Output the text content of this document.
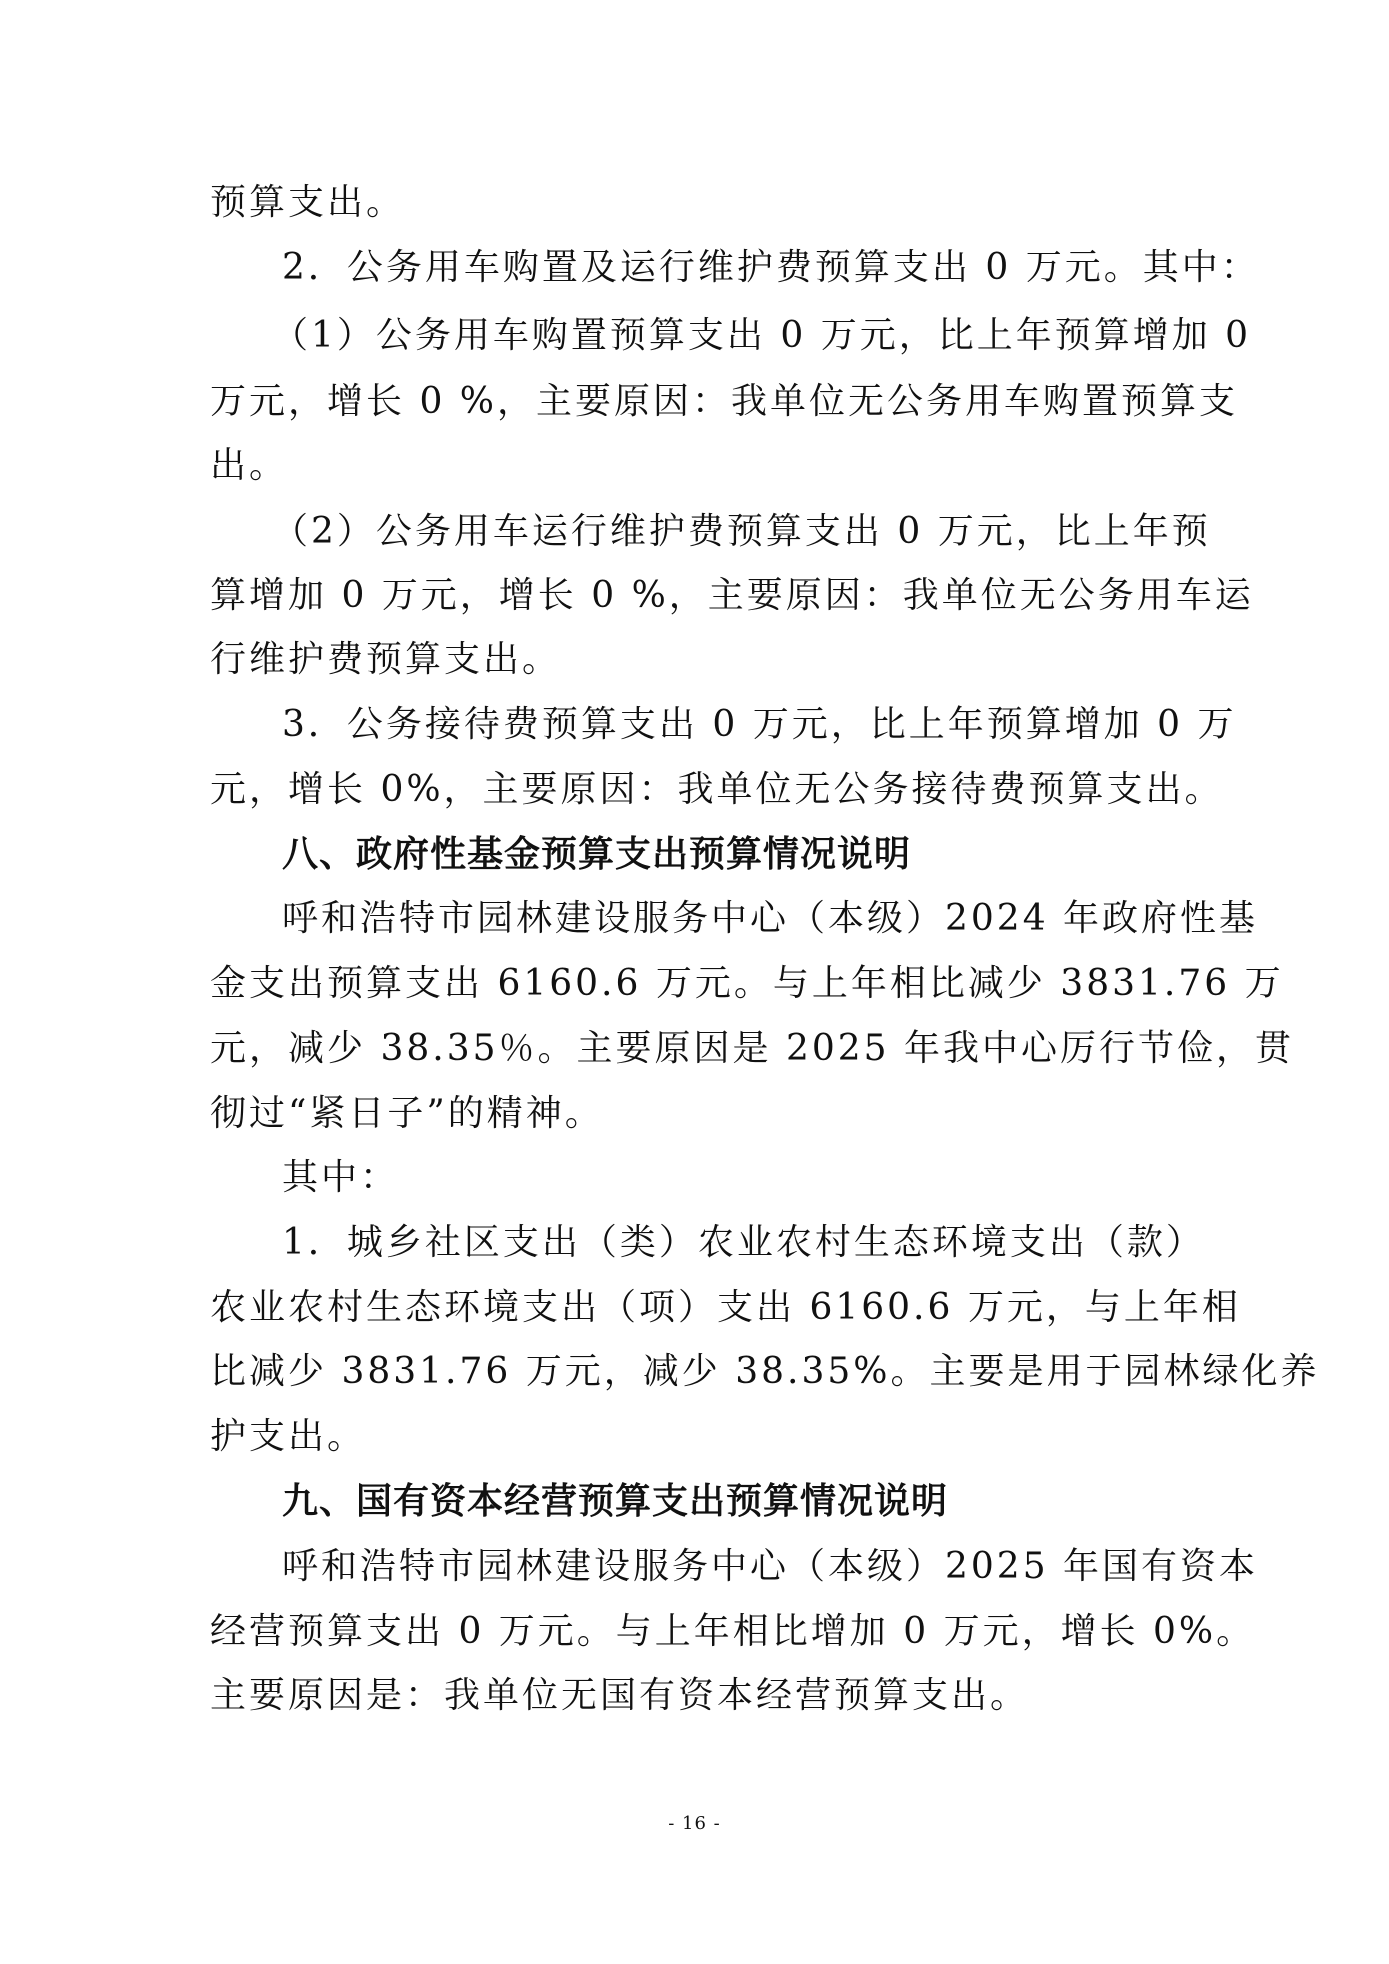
预算支出。
2．公务用车购置及运行维护费预算支出 0 万元。其中：
（1）公务用车购置预算支出 0 万元，比上年预算增加 0
万元，增长 0 %，主要原因：我单位无公务用车购置预算支
出。
（2）公务用车运行维护费预算支出 0 万元，比上年预
算增加 0 万元，增长 0 %，主要原因：我单位无公务用车运
行维护费预算支出。
3．公务接待费预算支出 0 万元，比上年预算增加 0 万
元，增长 0%，主要原因：我单位无公务接待费预算支出。
八、政府性基金预算支出预算情况说明
呼和浩特市园林建设服务中心（本级）2024 年政府性基
金支出预算支出 6160.6 万元。与上年相比减少 3831.76 万
元，减少 38.35％。主要原因是 2025 年我中心厉行节俭，贯
彻过“紧日子”的精神。
其中：
1．城乡社区支出（类）农业农村生态环境支出（款）
农业农村生态环境支出（项）支出 6160.6 万元，与上年相
比减少 3831.76 万元，减少 38.35%。主要是用于园林绿化养
护支出。
九、国有资本经营预算支出预算情况说明
呼和浩特市园林建设服务中心（本级）2025 年国有资本
经营预算支出 0 万元。与上年相比增加 0 万元，增长 0%。
主要原因是：我单位无国有资本经营预算支出。
- 16 -
